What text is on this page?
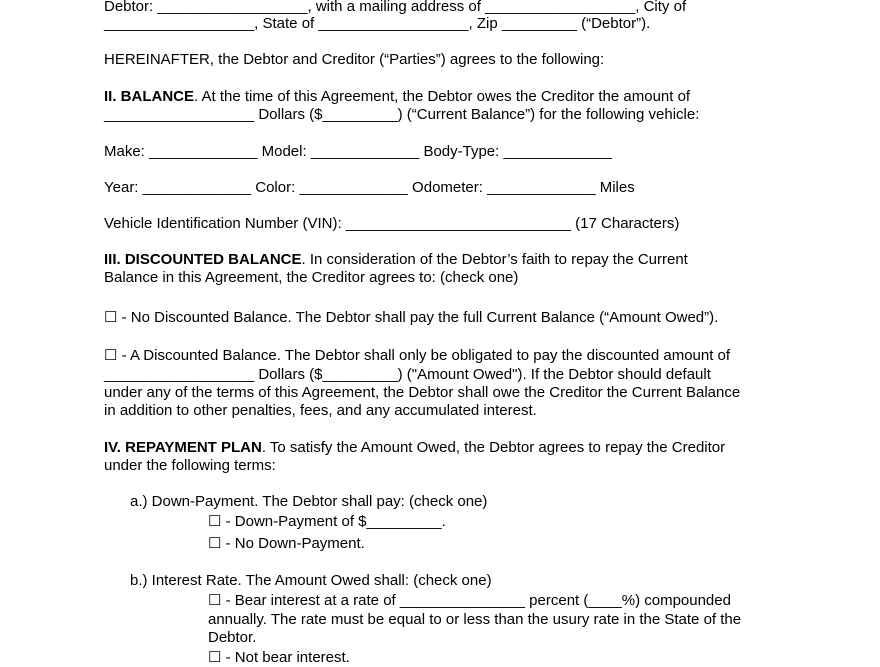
Debtor: __________________, with a mailing address of __________________, City of
__________________, State of __________________, Zip _________ (“Debtor”).
HEREINAFTER, the Debtor and Creditor (“Parties”) agrees to the following:
II. BALANCE. At the time of this Agreement, the Debtor owes the Creditor the amount of
__________________ Dollars ($_________) (“Current Balance”) for the following vehicle:
Make: _____________ Model: _____________ Body-Type: _____________
Year: _____________ Color: _____________ Odometer: _____________ Miles
Vehicle Identification Number (VIN): ___________________________ (17 Characters)
III. DISCOUNTED BALANCE. In consideration of the Debtor’s faith to repay the Current
Balance in this Agreement, the Creditor agrees to: (check one)
☐ - No Discounted Balance. The Debtor shall pay the full Current Balance (“Amount Owed”).
☐ - A Discounted Balance. The Debtor shall only be obligated to pay the discounted amount of
__________________ Dollars ($_________) ("Amount Owed"). If the Debtor should default
under any of the terms of this Agreement, the Debtor shall owe the Creditor the Current Balance
in addition to other penalties, fees, and any accumulated interest.
IV. REPAYMENT PLAN. To satisfy the Amount Owed, the Debtor agrees to repay the Creditor
under the following terms:
a.) Down-Payment. The Debtor shall pay: (check one)
☐ - Down-Payment of $_________.
☐ - No Down-Payment.
b.) Interest Rate. The Amount Owed shall: (check one)
☐ - Bear interest at a rate of _______________ percent (____%) compounded
annually. The rate must be equal to or less than the usury rate in the State of the
Debtor.
☐ - Not bear interest.
